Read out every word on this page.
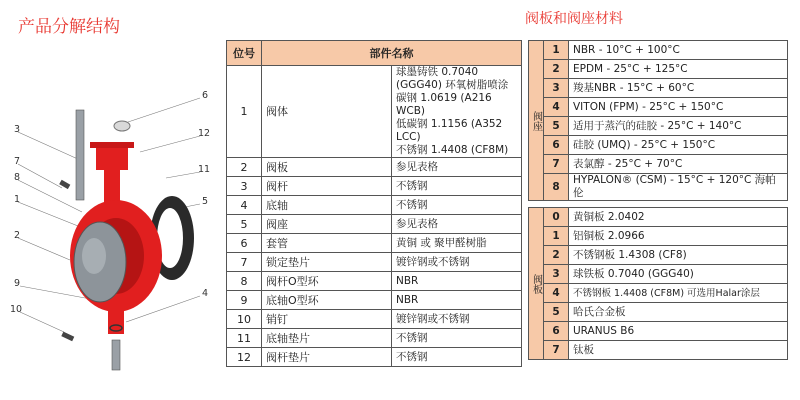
产品分解结构	阀板和阀座材料
3
7
8
1
2
9
10
6
12
11
5
4
位号	部件名称	
1	阀体	球墨铸铁 0.7040 (GGG40) 环氧树脂喷涂
碳钢 1.0619 (A216 WCB)
低碳钢 1.1156 (A352 LCC)
不锈钢 1.4408 (CF8M)

2	阀板	参见表格
3	阀杆	不锈钢
4	底轴	不锈钢
5	阀座	参见表格
6	套管	黄铜 或 聚甲醛树脂
7	锁定垫片	镀锌钢或不锈钢
8	阀杆O型环	NBR
9	底轴O型环	NBR
10	销钉	镀锌钢或不锈钢
11	底轴垫片	不锈钢
12	阀杆垫片	不锈钢
阀座	1	NBR - 10°C + 100°C
	2	EPDM - 25°C + 125°C
	3	羧基NBR - 15°C + 60°C
	4	VITON (FPM) - 25°C + 150°C
	5	适用于蒸汽的硅胶 - 25°C + 140°C
	6	硅胶 (UMQ) - 25°C + 150°C
	7	表氯醇 - 25°C + 70°C
	8	HYPALON® (CSM) - 15°C + 120°C 海帕伦

阀板	0	黄铜板 2.0402
	1	铝铜板 2.0966
	2	不锈钢板 1.4308 (CF8)
	3	球铁板 0.7040 (GGG40)
	4	不锈钢板 1.4408 (CF8M) 可选用Halar涂层
	5	哈氏合金板
	6	URANUS B6
	7	钛板
